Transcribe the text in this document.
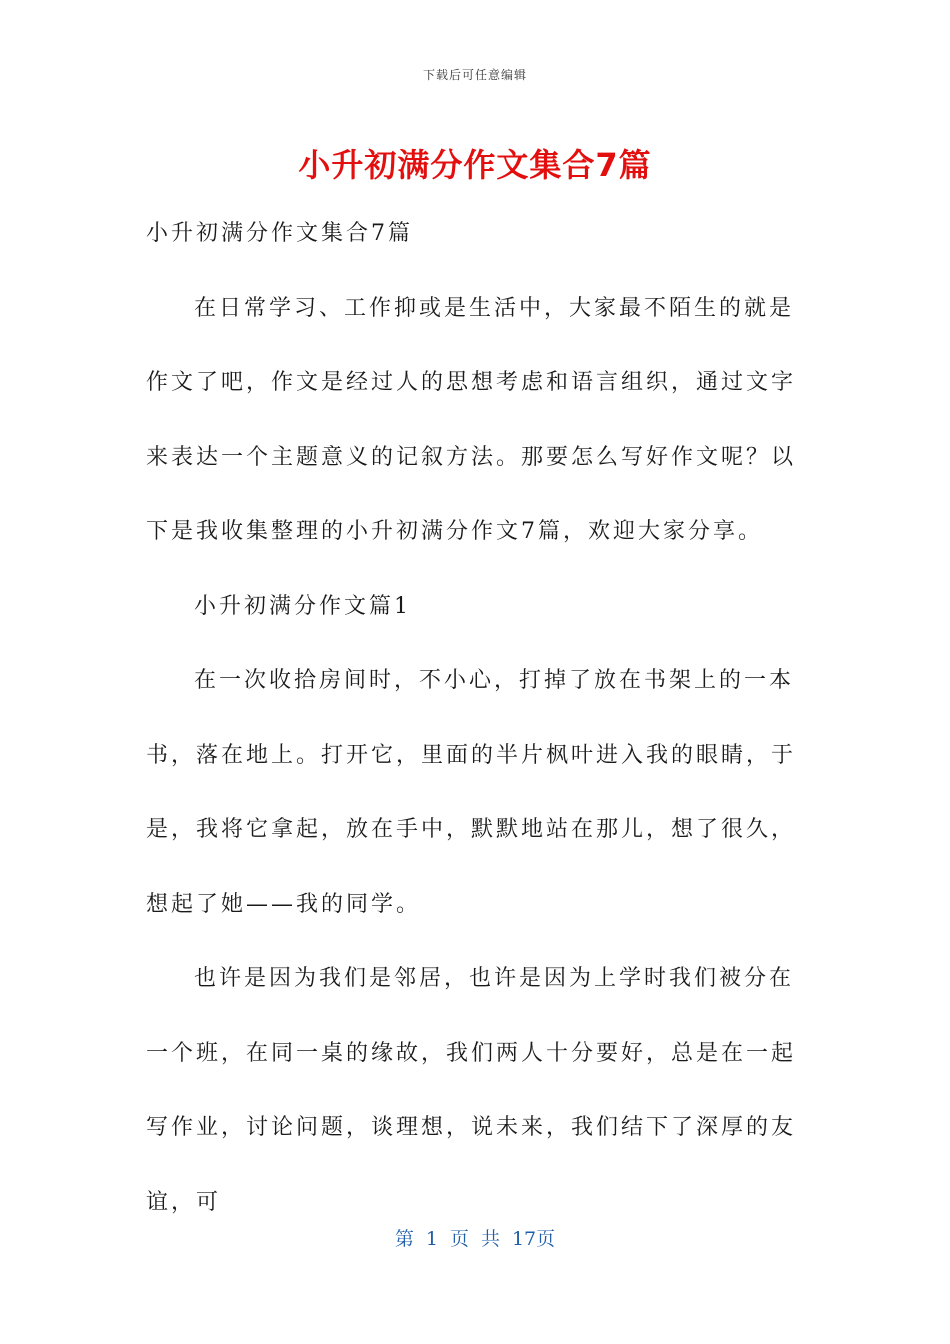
下载后可任意编辑
小升初满分作文集合7篇

小升初满分作文集合7篇

在日常学习、工作抑或是生活中，大家最不陌生的就是作文了吧，作文是经过人的思想考虑和语言组织，通过文字来表达一个主题意义的记叙方法。那要怎么写好作文呢？以下是我收集整理的小升初满分作文7篇，欢迎大家分享。

小升初满分作文篇1

在一次收拾房间时，不小心，打掉了放在书架上的一本书，落在地上。打开它，里面的半片枫叶进入我的眼睛，于是，我将它拿起，放在手中，默默地站在那儿，想了很久，想起了她——我的同学。

也许是因为我们是邻居，也许是因为上学时我们被分在一个班，在同一桌的缘故，我们两人十分要好，总是在一起写作业，讨论问题，谈理想，说未来，我们结下了深厚的友谊，可

第 1 页 共 17页
